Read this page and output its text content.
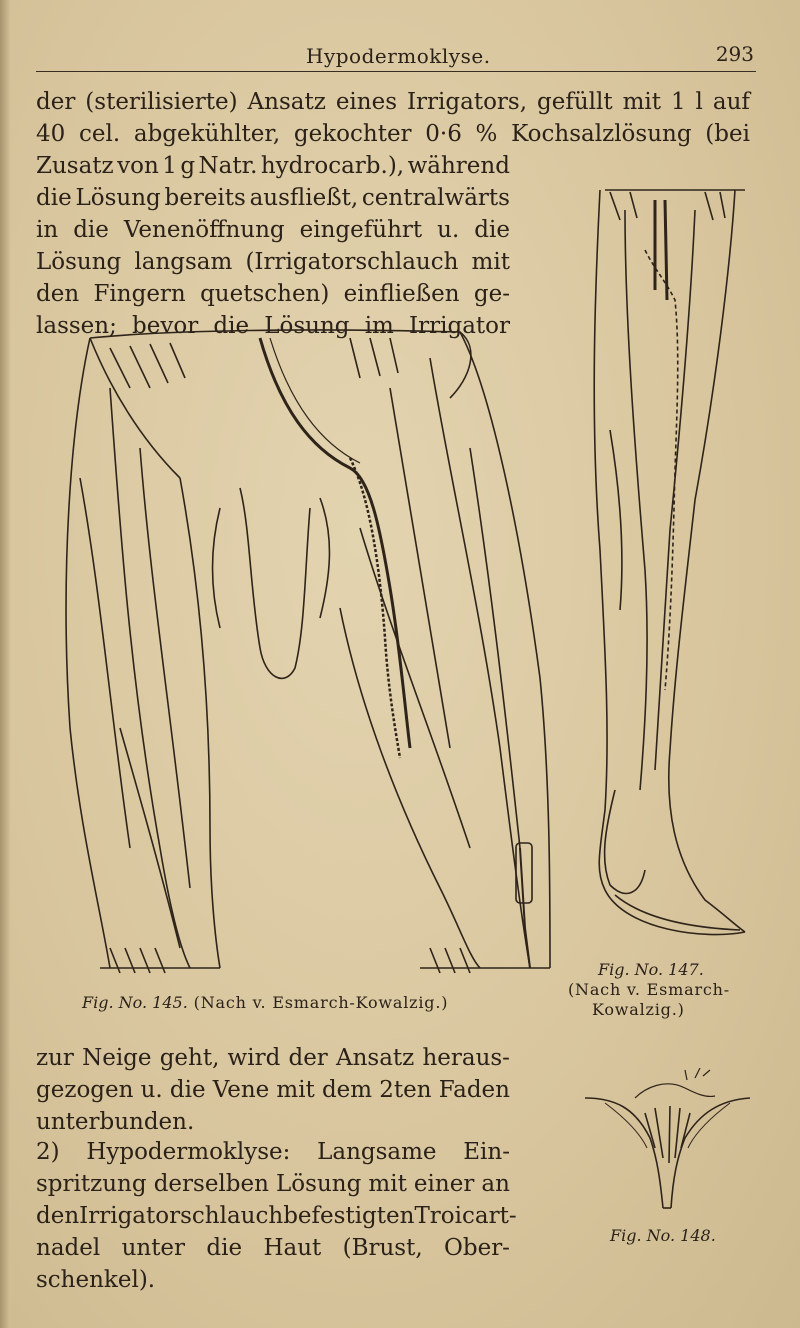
Hypodermoklyse.	293
der (sterilisierte) Ansatz eines Irrigators, gefüllt mit 1 l auf
40 cel. abgekühlter, gekochter 0·6 % Kochsalzlösung (bei
Zusatz von 1 g Natr. hydrocarb.), während
die Lösung bereits ausfließt, centralwärts
in die Venenöffnung eingeführt u. die
Lösung langsam (Irrigatorschlauch mit
den Fingern quetschen) einfließen ge-
lassen; bevor die Lösung im Irrigator
Fig. No. 145. (Nach v. Esmarch-Kowalzig.)
Fig. No. 147.
(Nach v. Esmarch-
Kowalzig.)
zur Neige geht, wird der Ansatz heraus-
gezogen u. die Vene mit dem 2ten Faden
unterbunden.
Fig. No. 148.
2) Hypodermoklyse: Langsame Ein-
spritzung derselben Lösung mit einer an
den Irrigatorschlauch befestigten Troicart-
nadel unter die Haut (Brust, Ober-
schenkel).
